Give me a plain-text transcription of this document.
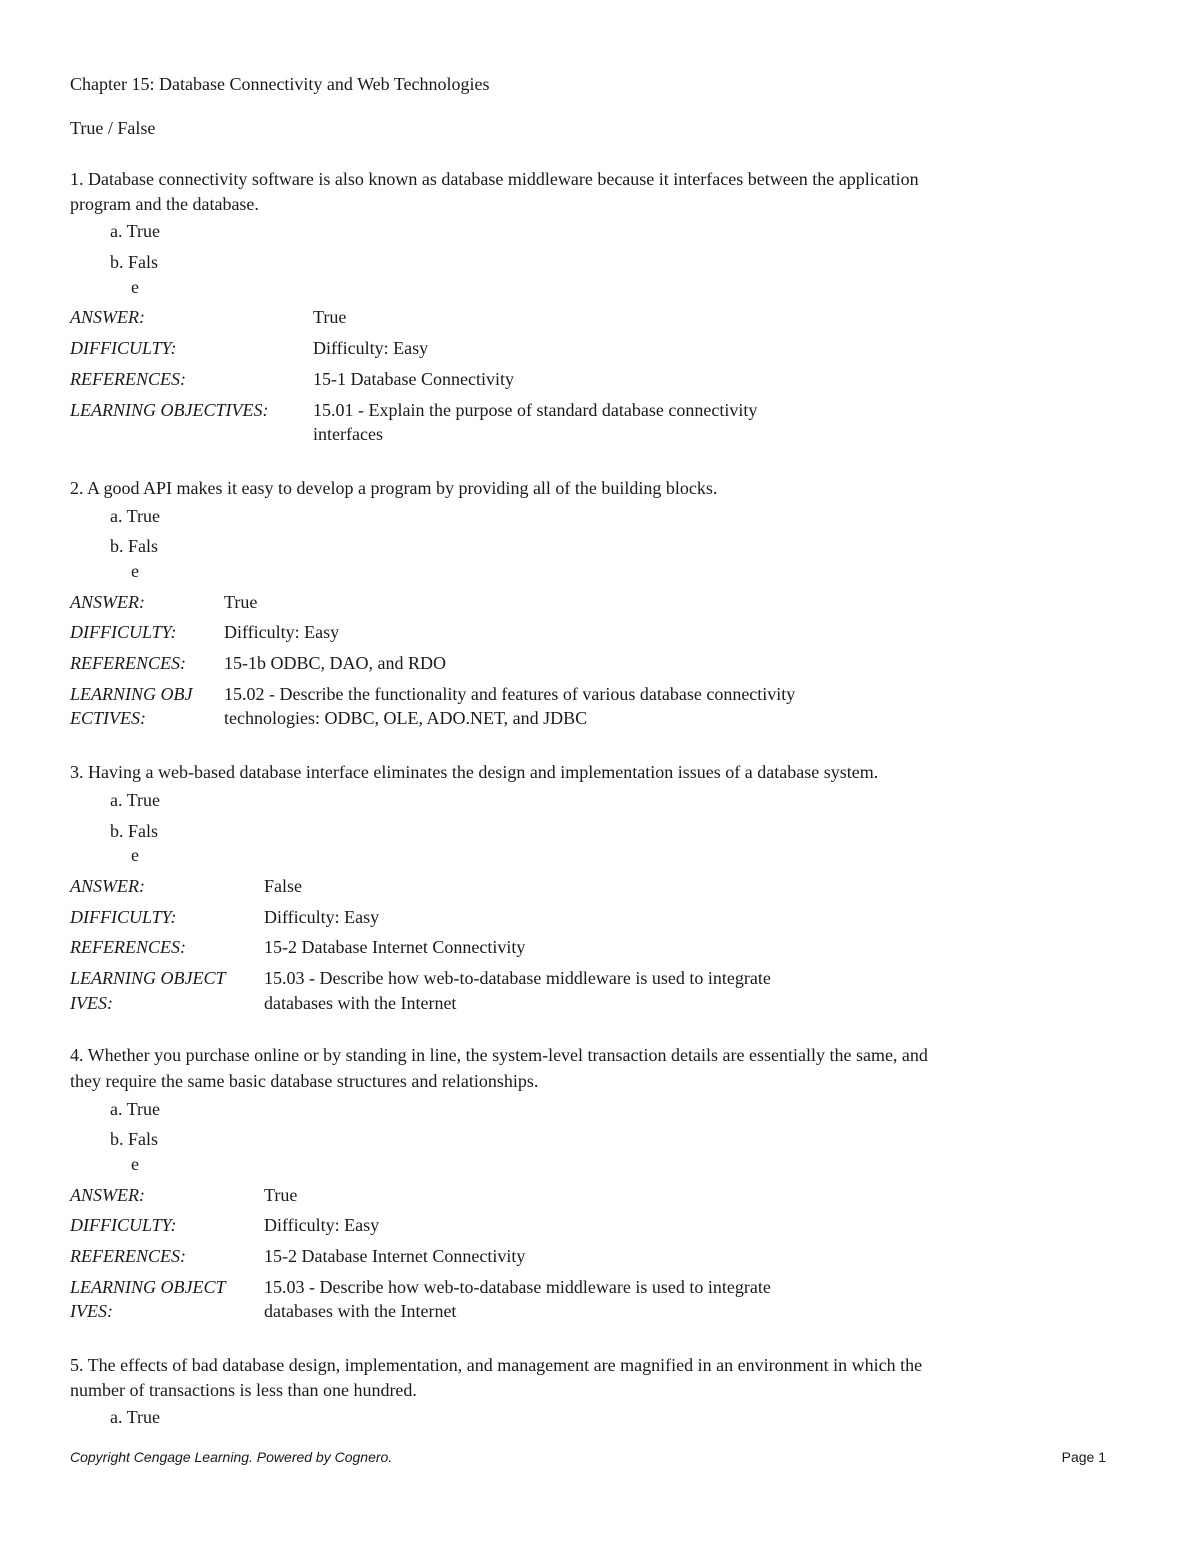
Chapter 15: Database Connectivity and Web Technologies
True / False
1. Database connectivity software is also known as database middleware because it interfaces between the application
program and the database.
a. True
b. Fals
e
ANSWER:	True
DIFFICULTY:	Difficulty: Easy
REFERENCES:	15-1 Database Connectivity
LEARNING OBJECTIVES: 15.01 - Explain the purpose of standard database connectivity
interfaces
2. A good API makes it easy to develop a program by providing all of the building blocks.
a. True
b. Fals
e
ANSWER:	True
DIFFICULTY:	Difficulty: Easy
REFERENCES: 15-1b ODBC, DAO, and RDO
LEARNING OBJ
ECTIVES:
15.02 - Describe the functionality and features of various database connectivity
technologies: ODBC, OLE, ADO.NET, and JDBC
3. Having a web-based database interface eliminates the design and implementation issues of a database system.
a. True
b. Fals
e
ANSWER:	False
DIFFICULTY:	Difficulty: Easy
REFERENCES:	15-2 Database Internet Connectivity
LEARNING OBJECT
IVES:
15.03 - Describe how web-to-database middleware is used to integrate
databases with the Internet
4. Whether you purchase online or by standing in line, the system-level transaction details are essentially the same, and
they require the same basic database structures and relationships.
a. True
b. Fals
e
ANSWER:	True
DIFFICULTY:	Difficulty: Easy
REFERENCES:	15-2 Database Internet Connectivity
LEARNING OBJECT
IVES:
15.03 - Describe how web-to-database middleware is used to integrate
databases with the Internet
5. The effects of bad database design, implementation, and management are magnified in an environment in which the
number of transactions is less than one hundred.
a. True
Copyright Cengage Learning. Powered by Cognero.	Page 1
